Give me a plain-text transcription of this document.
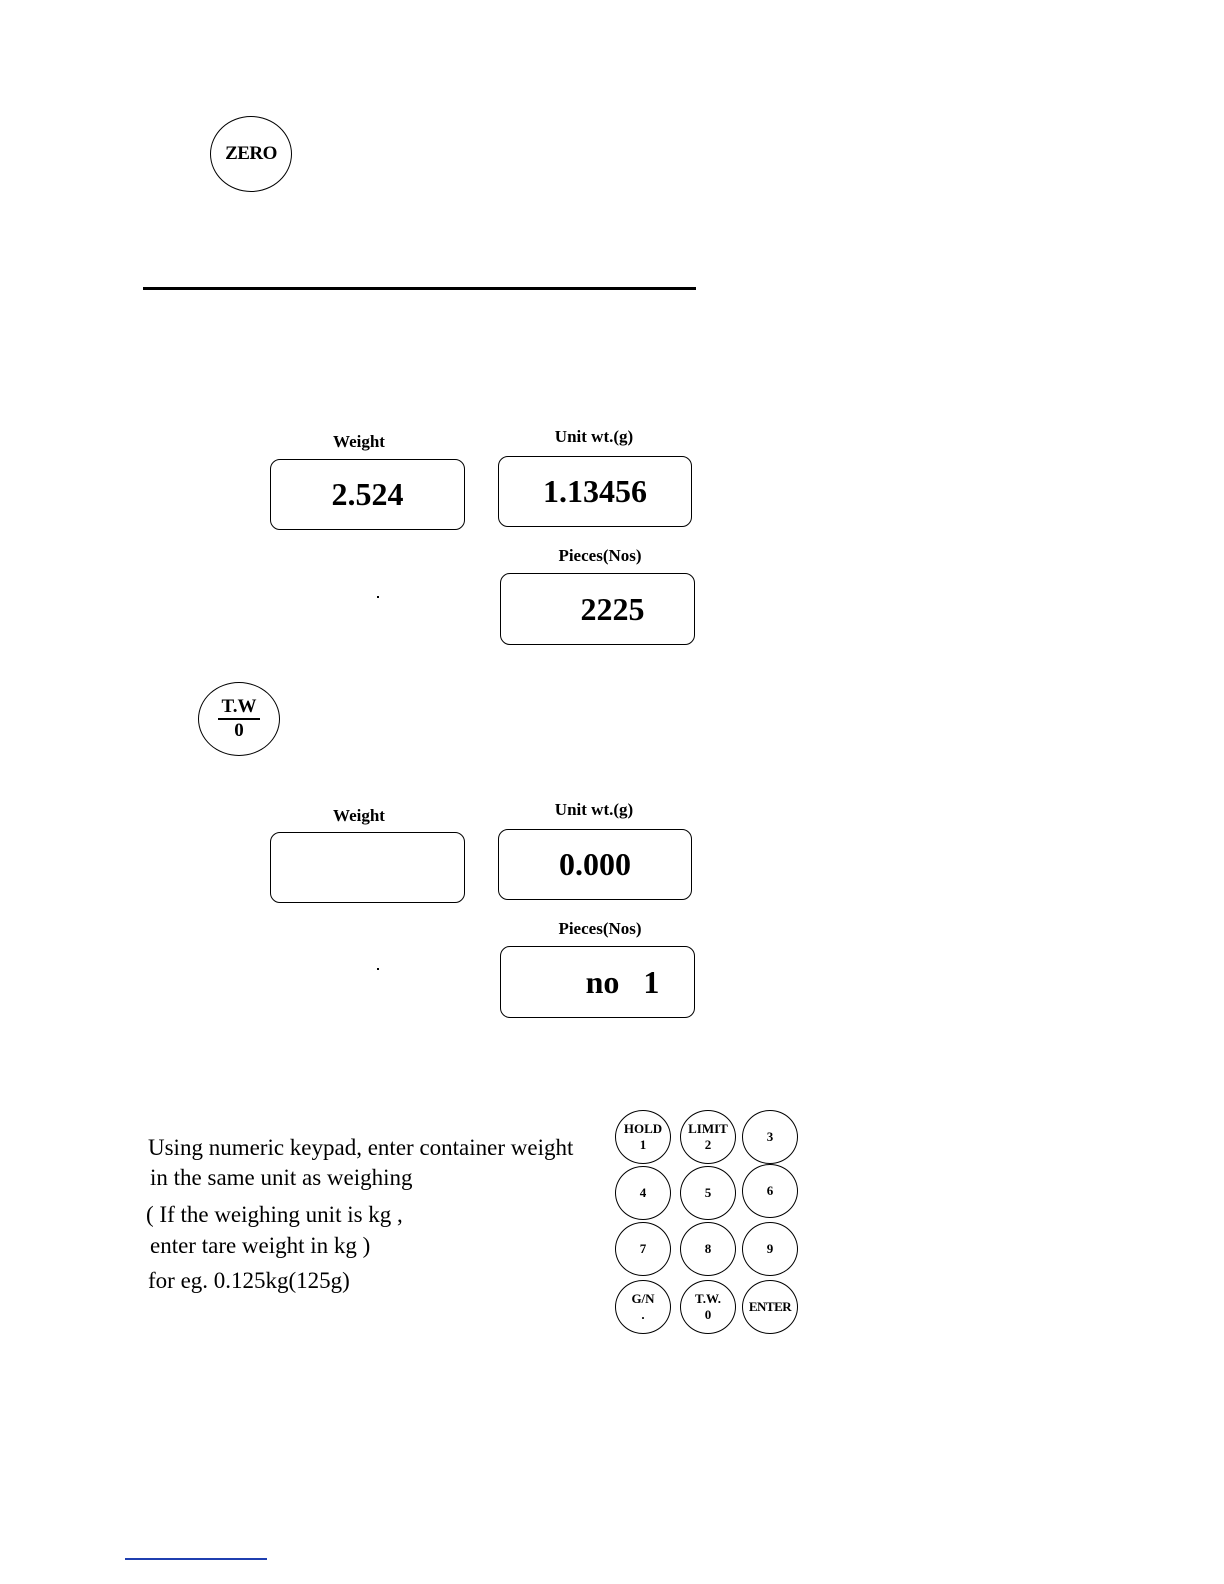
ZERO
Weight
2.524
Unit wt.(g)
1.13456
Pieces(Nos)
2225
T.W
0
Weight	Unit wt.(g)
0.000
Pieces(Nos)
no   1
Using numeric keypad, enter container weight
in the same unit as weighing
( If the weighing unit is kg ,
enter tare weight in kg )
for eg. 0.125kg(125g)
HOLD
1
LIMIT
2
3
4	5	6
7	8	9
G/N
.
T.W.
0
ENTER
